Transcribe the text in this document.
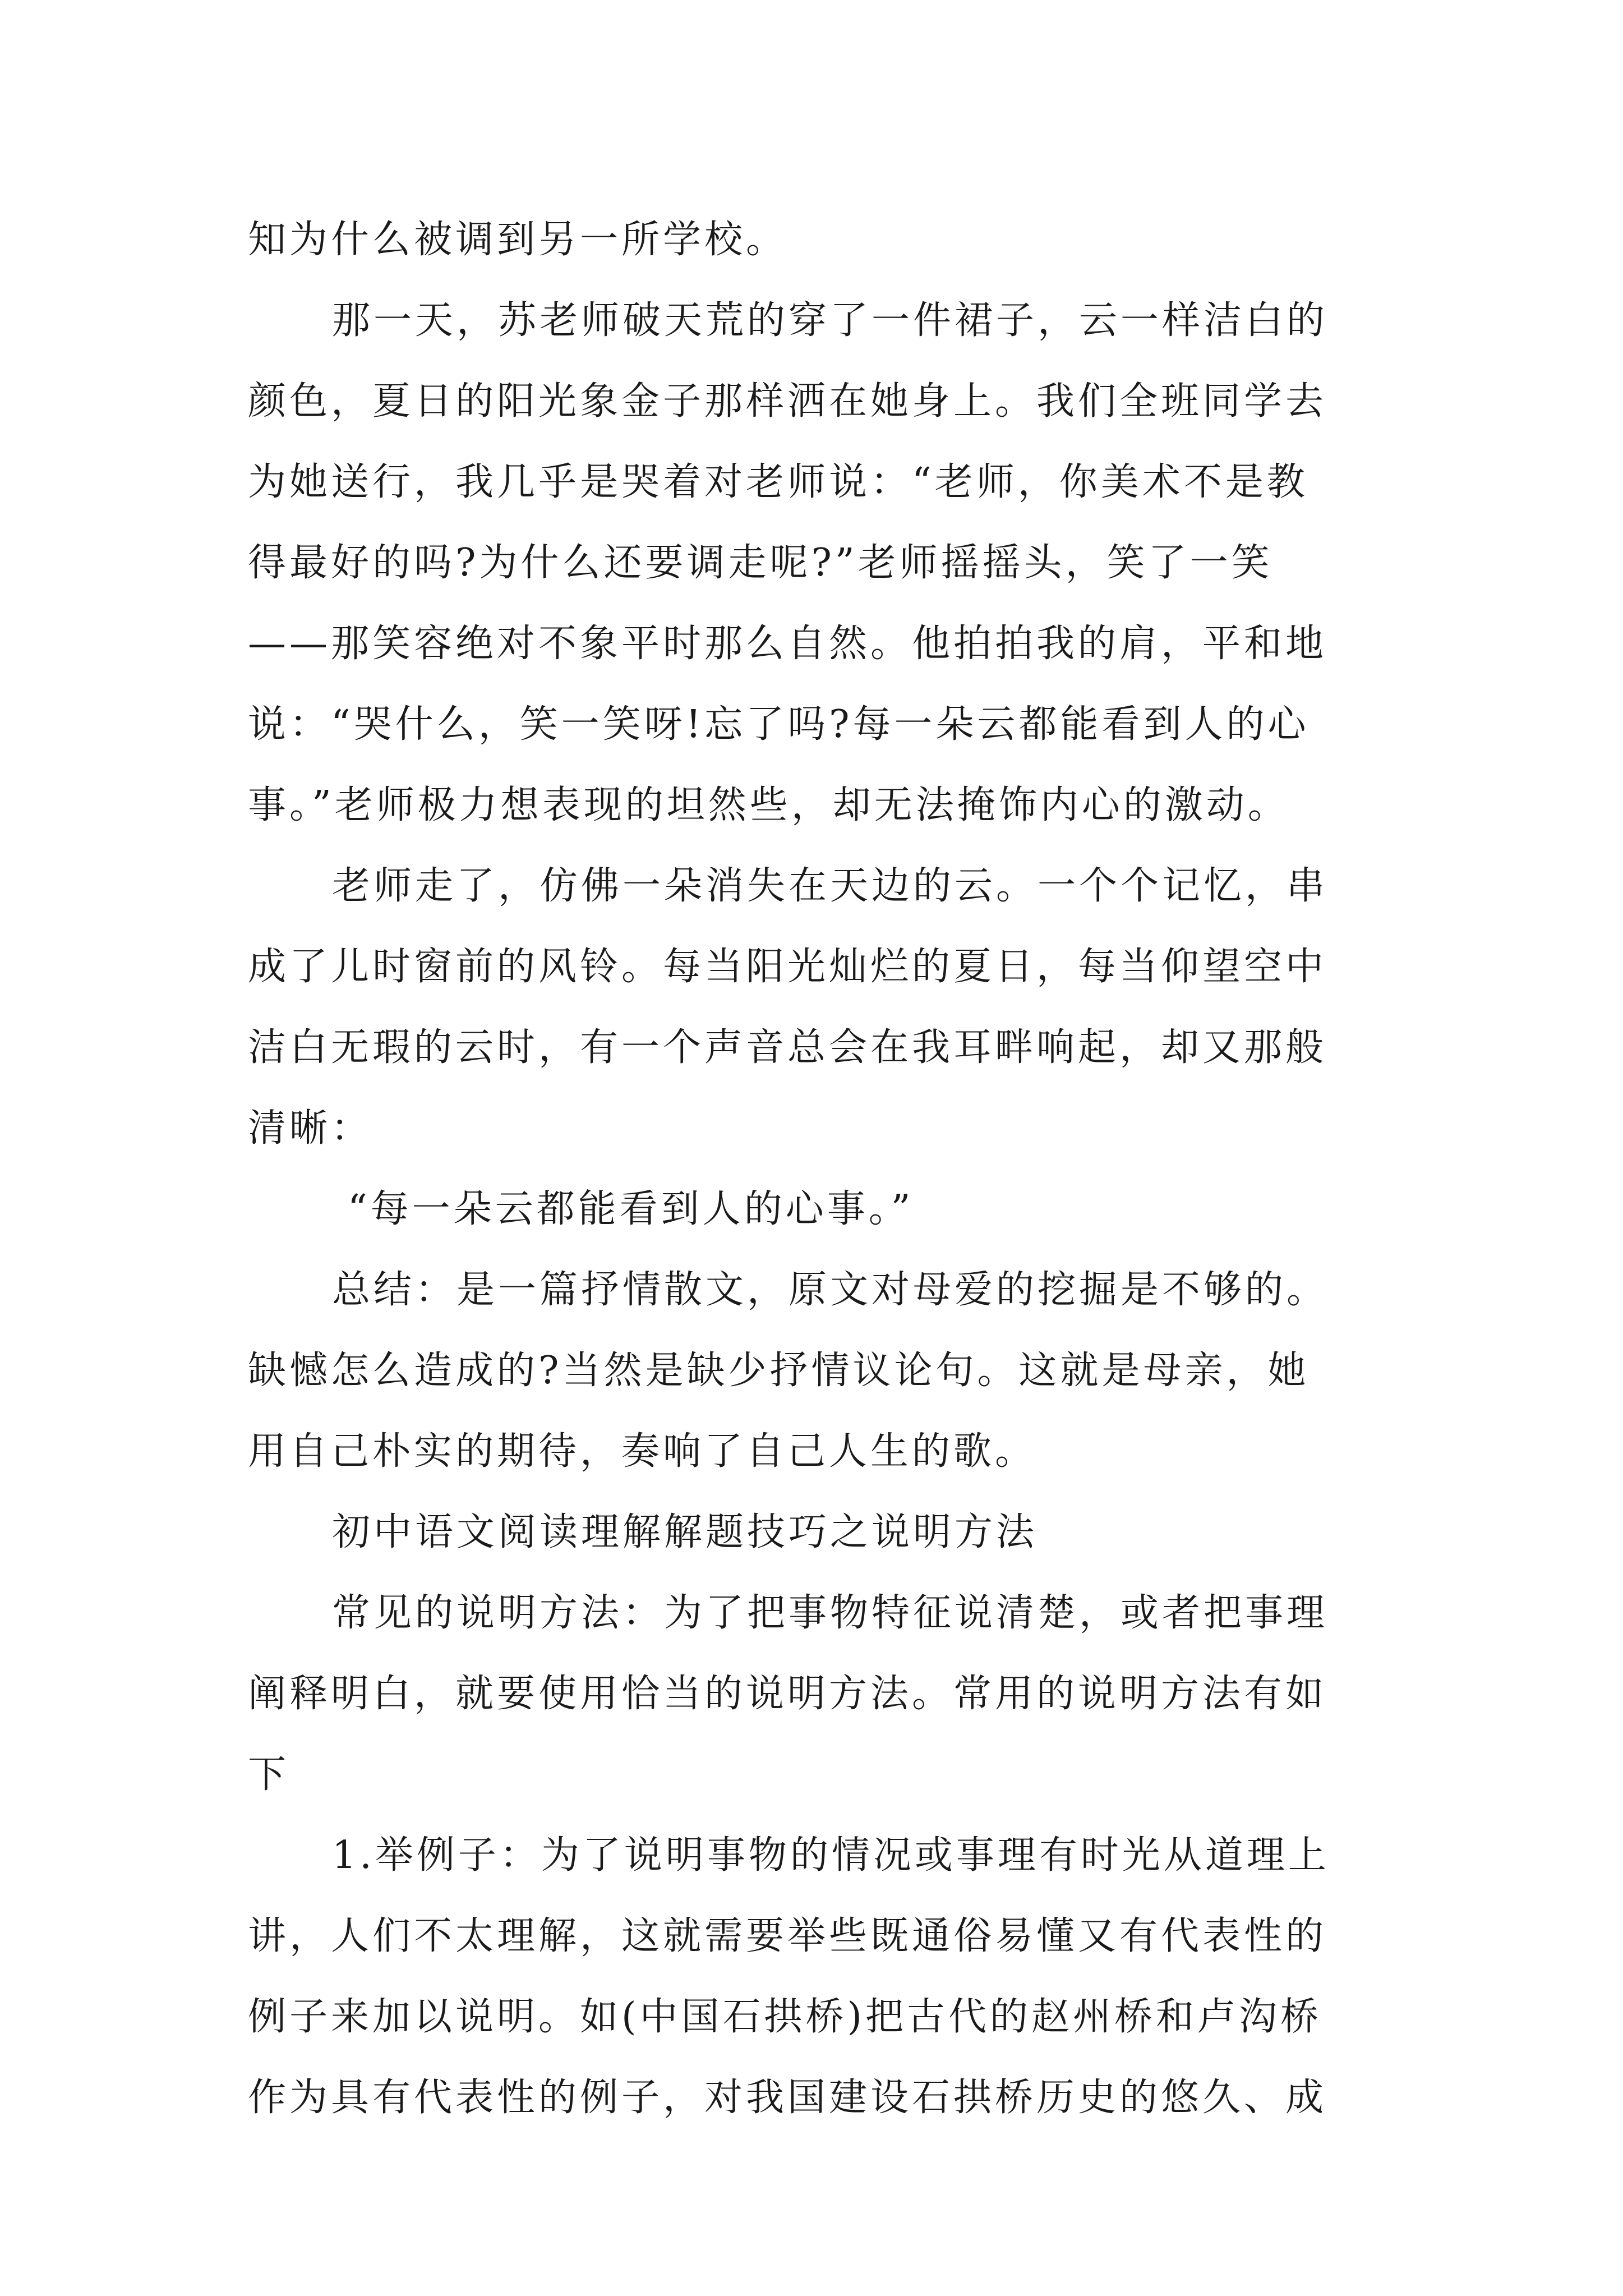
知为什么被调到另一所学校。
那一天，苏老师破天荒的穿了一件裙子，云一样洁白的
颜色，夏日的阳光象金子那样洒在她身上。我们全班同学去
为她送行，我几乎是哭着对老师说：“老师，你美术不是教
得最好的吗?为什么还要调走呢?”老师摇摇头，笑了一笑
——那笑容绝对不象平时那么自然。他拍拍我的肩，平和地
说：“哭什么，笑一笑呀!忘了吗?每一朵云都能看到人的心
事。”老师极力想表现的坦然些，却无法掩饰内心的激动。
老师走了，仿佛一朵消失在天边的云。一个个记忆，串
成了儿时窗前的风铃。每当阳光灿烂的夏日，每当仰望空中
洁白无瑕的云时，有一个声音总会在我耳畔响起，却又那般
清晰：
“每一朵云都能看到人的心事。”
总结：是一篇抒情散文，原文对母爱的挖掘是不够的。
缺憾怎么造成的?当然是缺少抒情议论句。这就是母亲，她
用自己朴实的期待，奏响了自己人生的歌。
初中语文阅读理解解题技巧之说明方法
常见的说明方法：为了把事物特征说清楚，或者把事理
阐释明白，就要使用恰当的说明方法。常用的说明方法有如
下
1.举例子：为了说明事物的情况或事理有时光从道理上
讲，人们不太理解，这就需要举些既通俗易懂又有代表性的
例子来加以说明。如(中国石拱桥)把古代的赵州桥和卢沟桥
作为具有代表性的例子，对我国建设石拱桥历史的悠久、成
